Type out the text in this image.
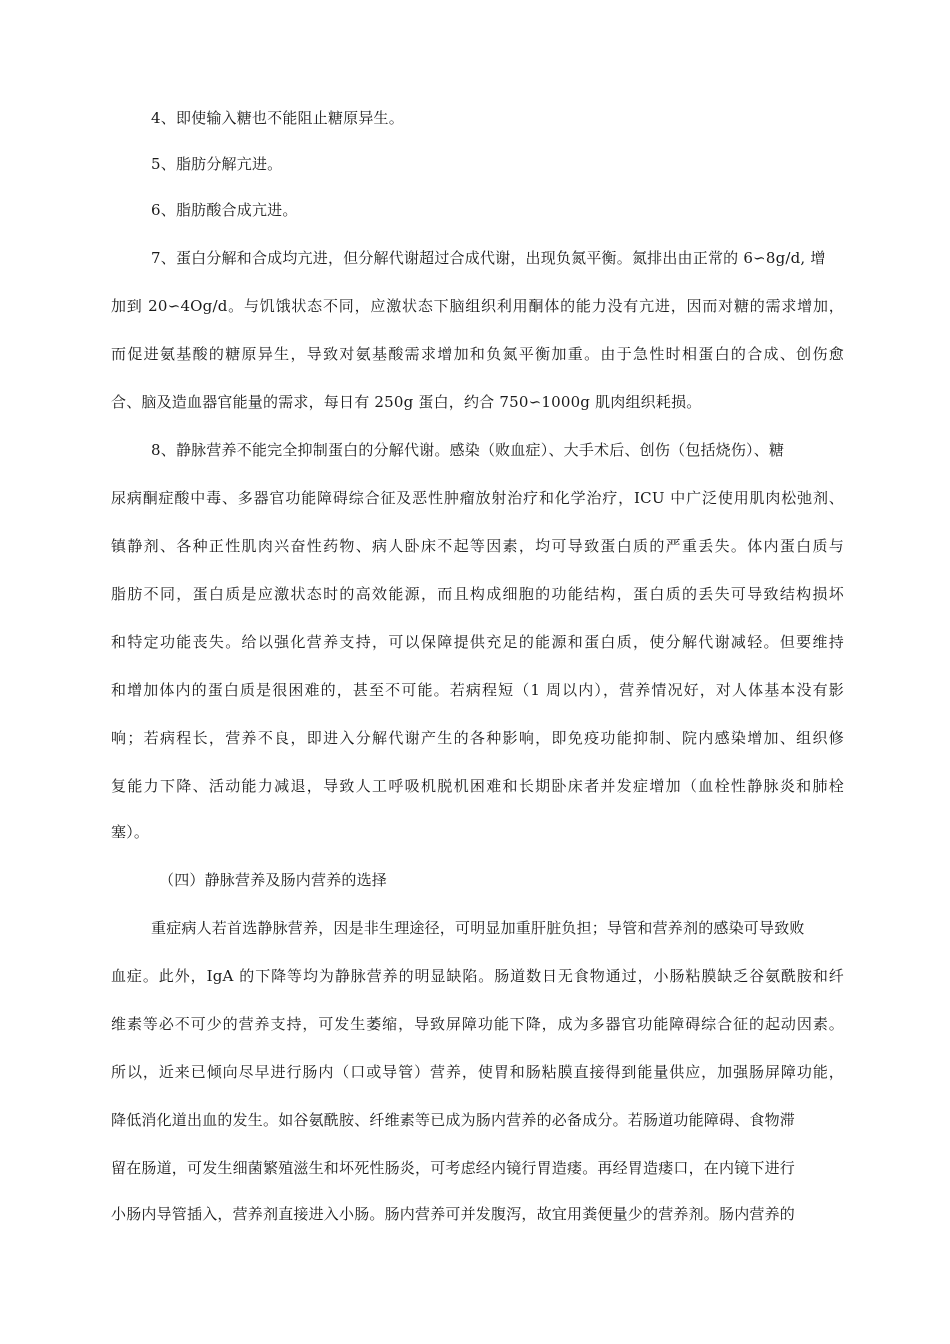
4、即使输入糖也不能阻止糖原异生。
5、脂肪分解亢进。
6、脂肪酸合成亢进。
7、蛋白分解和合成均亢进，但分解代谢超过合成代谢，出现负氮平衡。氮排出由正常的 6∽8g/d, 增
加到 20∽4Og/d。与饥饿状态不同，应激状态下脑组织利用酮体的能力没有亢进，因而对糖的需求增加，
而促进氨基酸的糖原异生，导致对氨基酸需求增加和负氮平衡加重。由于急性时相蛋白的合成、创伤愈
合、脑及造血器官能量的需求，每日有 250g 蛋白，约合 750∽1000g 肌肉组织耗损。
8、静脉营养不能完全抑制蛋白的分解代谢。感染（败血症）、大手术后、创伤（包括烧伤）、糖
尿病酮症酸中毒、多器官功能障碍综合征及恶性肿瘤放射治疗和化学治疗，ICU 中广泛使用肌肉松弛剂、
镇静剂、各种正性肌肉兴奋性药物、病人卧床不起等因素，均可导致蛋白质的严重丢失。体内蛋白质与
脂肪不同，蛋白质是应激状态时的高效能源，而且构成细胞的功能结构，蛋白质的丢失可导致结构损坏
和特定功能丧失。给以强化营养支持，可以保障提供充足的能源和蛋白质，使分解代谢减轻。但要维持
和增加体内的蛋白质是很困难的，甚至不可能。若病程短（1 周以内），营养情况好，对人体基本没有影
响；若病程长，营养不良，即进入分解代谢产生的各种影响，即免疫功能抑制、院内感染增加、组织修
复能力下降、活动能力减退，导致人工呼吸机脱机困难和长期卧床者并发症增加（血栓性静脉炎和肺栓
塞）。
（四）静脉营养及肠内营养的选择
重症病人若首选静脉营养，因是非生理途径，可明显加重肝脏负担；导管和营养剂的感染可导致败
血症。此外，IgA 的下降等均为静脉营养的明显缺陷。肠道数日无食物通过，小肠粘膜缺乏谷氨酰胺和纤
维素等必不可少的营养支持，可发生萎缩，导致屏障功能下降，成为多器官功能障碍综合征的起动因素。
所以，近来已倾向尽早进行肠内（口或导管）营养，使胃和肠粘膜直接得到能量供应，加强肠屏障功能，
降低消化道出血的发生。如谷氨酰胺、纤维素等已成为肠内营养的必备成分。若肠道功能障碍、食物滞
留在肠道，可发生细菌繁殖滋生和坏死性肠炎，可考虑经内镜行胃造瘘。再经胃造瘘口，在内镜下进行
小肠内导管插入，营养剂直接进入小肠。肠内营养可并发腹泻，故宜用粪便量少的营养剂。肠内营养的
